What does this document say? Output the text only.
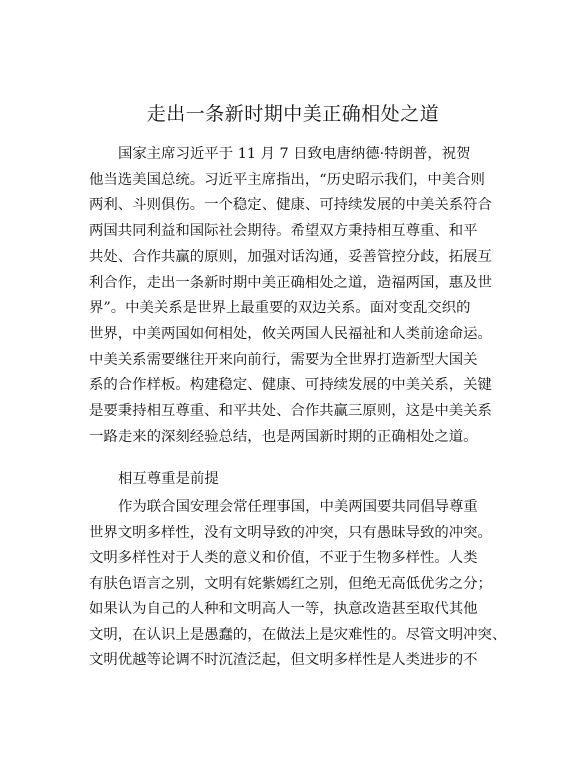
走出一条新时期中美正确相处之道
国家主席习近平于 11 月 7 日致电唐纳德·特朗普，祝贺
他当选美国总统。习近平主席指出，“历史昭示我们，中美合则
两利、斗则俱伤。一个稳定、健康、可持续发展的中美关系符合
两国共同利益和国际社会期待。希望双方秉持相互尊重、和平
共处、合作共赢的原则，加强对话沟通，妥善管控分歧，拓展互
利合作，走出一条新时期中美正确相处之道，造福两国，惠及世
界”。中美关系是世界上最重要的双边关系。面对变乱交织的
世界，中美两国如何相处，攸关两国人民福祉和人类前途命运。
中美关系需要继往开来向前行，需要为全世界打造新型大国关
系的合作样板。构建稳定、健康、可持续发展的中美关系，关键
是要秉持相互尊重、和平共处、合作共赢三原则，这是中美关系
一路走来的深刻经验总结，也是两国新时期的正确相处之道。
相互尊重是前提
作为联合国安理会常任理事国，中美两国要共同倡导尊重
世界文明多样性，没有文明导致的冲突，只有愚昧导致的冲突。
文明多样性对于人类的意义和价值，不亚于生物多样性。人类
有肤色语言之别，文明有姹紫嫣红之别，但绝无高低优劣之分；
如果认为自己的人种和文明高人一等，执意改造甚至取代其他
文明，在认识上是愚蠢的，在做法上是灾难性的。尽管文明冲突、
文明优越等论调不时沉渣泛起，但文明多样性是人类进步的不
